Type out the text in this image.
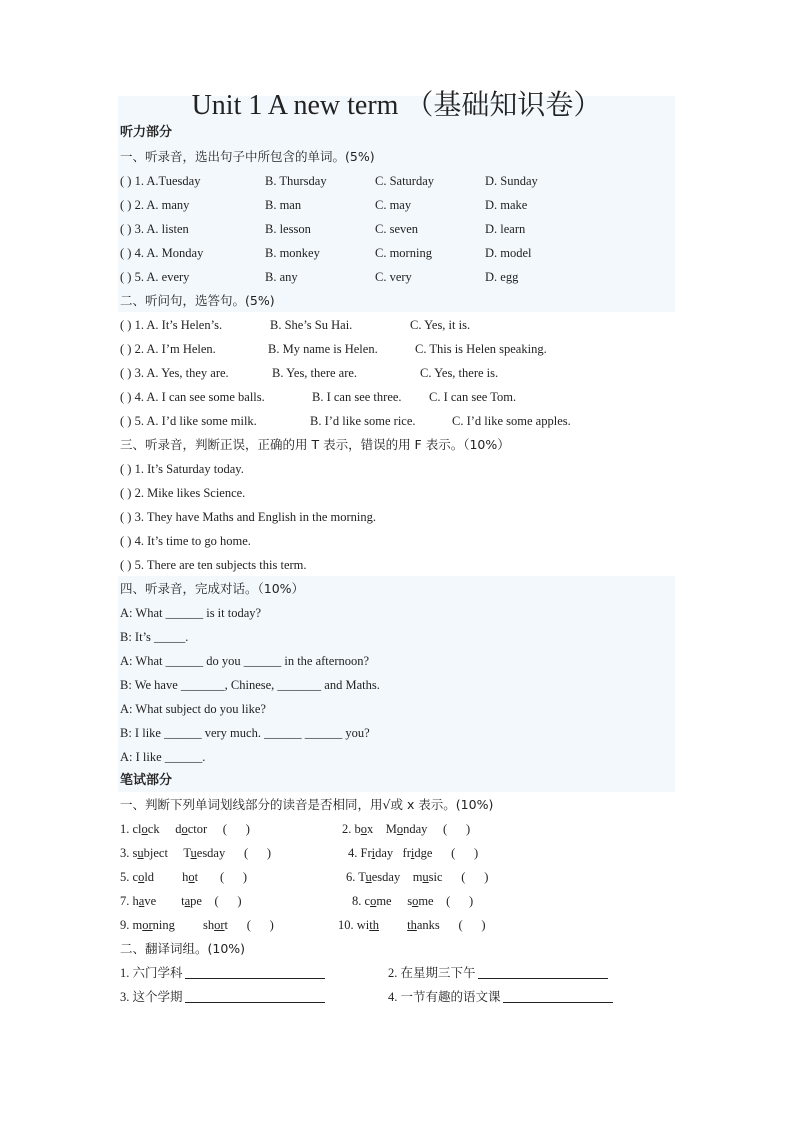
Unit 1 A new term （基础知识卷）
听力部分
一、听录音，选出句子中所包含的单词。(5%)
( ) 1. A.Tuesday	B. Thursday	C. Saturday	D. Sunday
( ) 2. A. many	B. man	C. may	D. make
( ) 3. A. listen	B. lesson	C. seven	D. learn
( ) 4. A. Monday	B. monkey	C. morning	D. model
( ) 5. A. every	B. any	C. very	D. egg
二、听问句，选答句。(5%)
( ) 1. A. It’s Helen’s.	B. She’s Su Hai.	C. Yes, it is.
( ) 2. A. I’m Helen.	B. My name is Helen.	C. This is Helen speaking.
( ) 3. A. Yes, they are.	B. Yes, there are.	C. Yes, there is.
( ) 4. A. I can see some balls.	B. I can see three. C. I can see Tom.
( ) 5. A. I’d like some milk.	B. I’d like some rice.	C. I’d like some apples.
三、听录音，判断正误，正确的用 T 表示，错误的用 F 表示。（10%）
( ) 1. It’s Saturday today.
( ) 2. Mike likes Science.
( ) 3. They have Maths and English in the morning.
( ) 4. It’s time to go home.
( ) 5. There are ten subjects this term.
四、听录音，完成对话。（10%）
A: What ______ is it today?
B: It’s _____.
A: What ______ do you ______ in the afternoon?
B: We have _______, Chinese, _______ and Maths.
A: What subject do you like?
B: I like ______ very much. ______ ______ you?
A: I like ______.
笔试部分
一、判断下列单词划线部分的读音是否相同，用√或 x 表示。(10%)
1. clock     doctor     (      )	2. box    Monday     (      )
3. subject     Tuesday      (      )	4. Friday   fridge      (      )
5. cold         hot       (      )	6. Tuesday    music      (      )
7. have        tape    (      )	8. come     some    (      )
9. morning         short      (      )	10. with thanks      (      )
二、翻译词组。(10%)
1. 六门学科	2. 在星期三下午
3. 这个学期	4. 一节有趣的语文课
